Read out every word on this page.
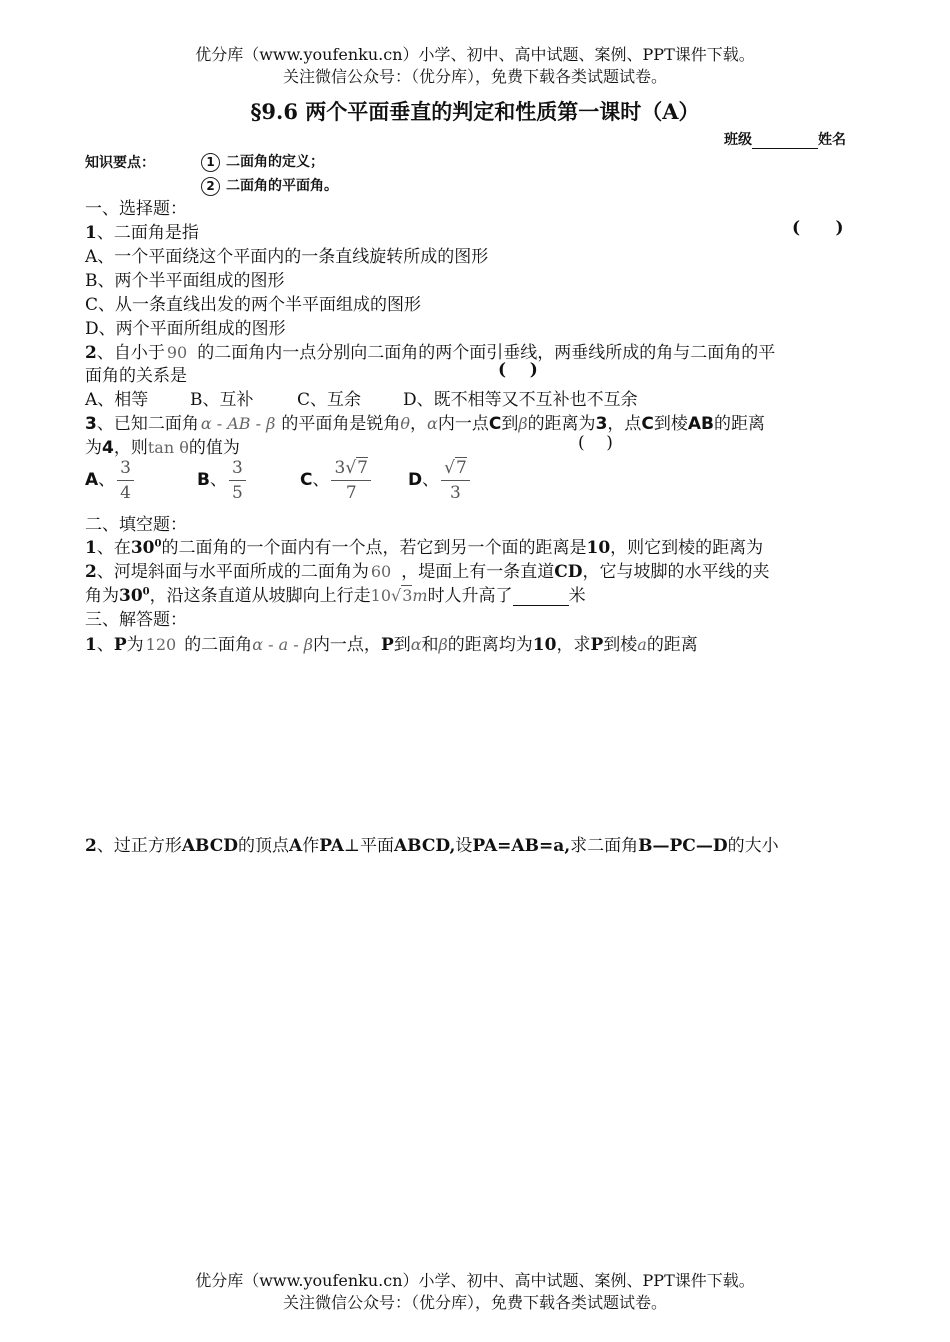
优分库（www.youfenku.cn）小学、初中、高中试题、案例、PPT课件下载。
关注微信公众号：（优分库），免费下载各类试题试卷。
§9.6 两个平面垂直的判定和性质第一课时（A）
班级	姓名
知识要点：	1 二面角的定义；
2 二面角的平面角。
一、选择题：
1、二面角是指	(      )
A、一个平面绕这个平面内的一条直线旋转所成的图形
B、两个半平面组成的图形
C、从一条直线出发的两个半平面组成的图形
D、两个平面所组成的图形
2、自小于 90 的二面角内一点分别向二面角的两个面引垂线，两垂线所成的角与二面角的平
面角的关系是	(    )
A、相等 B、互补	C、互余 D、既不相等又不互补也不互余
3、已知二面角 α - AB - β 的平面角是锐角θ，α内一点C到β的距离为3，点C到棱AB的距离
为4，则tan θ的值为	(    )
A、 $\frac{3}{4}$	B、 $\frac{3}{5}$	C、 $\frac{3√7}{7}$ D、 $\frac{√7}{3}$
二、填空题：
1、在$30^0$的二面角的一个面内有一个点，若它到另一个面的距离是10，则它到棱的距离为
2、河堤斜面与水平面所成的二面角为 60 ，堤面上有一条直道CD，它与坡脚的水平线的夹
角为$30^0$，沿这条直道从坡脚向上行走10√3m时人升高了	米
三、解答题：
1、P为 120 的二面角α - a - β内一点，P到α和β的距离均为10，求P到棱a的距离
2、过正方形ABCD的顶点A作PA⊥平面ABCD,设PA=AB=a,求二面角B—PC—D的大小
优分库（www.youfenku.cn）小学、初中、高中试题、案例、PPT课件下载。
关注微信公众号：（优分库），免费下载各类试题试卷。
